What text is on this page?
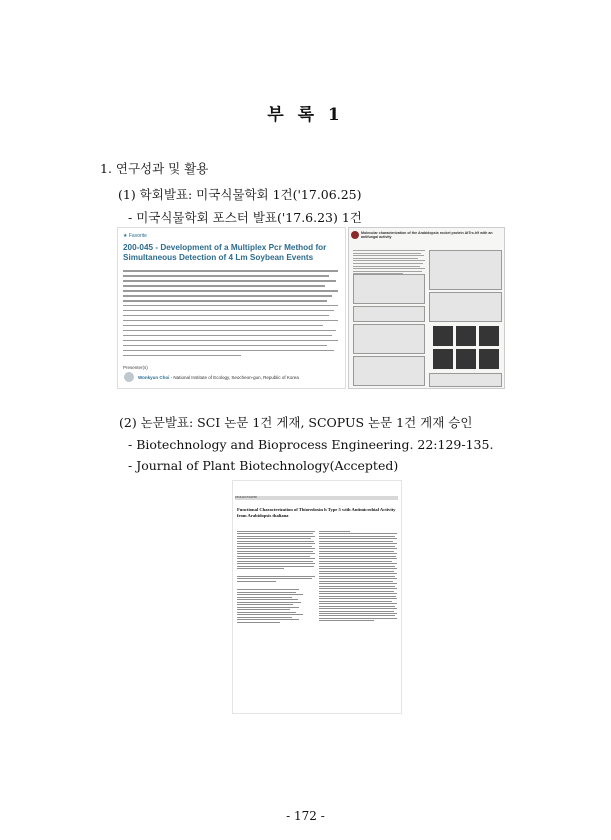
부 록 1
1. 연구성과 및 활용
(1) 학회발표: 미국식물학회 1건('17.06.25)
- 미국식물학회 포스터 발표('17.6.23) 1건
★ Favorite
200-045 - Development of a Multiplex Pcr Method for Simultaneous Detection of 4 Lm Soybean Events
Presenter(s)
Wonkyun Choi - National Institute of Ecology, Seocheon-gun, Republic of Korea
Molecular characterization of the Arabidopsis rocket protein AtTrx-h9 with an antifungal activity
(2) 논문발표: SCI 논문 1건 게재, SCOPUS 논문 1건 게재 승인
- Biotechnology and Bioprocess Engineering. 22:129-135.
- Journal of Plant Biotechnology(Accepted)
RESEARCH PAPER
Functional Characterization of Thioredoxin h Type 5 with Antimicrobial Activity from Arabidopsis thaliana
- 172 -
